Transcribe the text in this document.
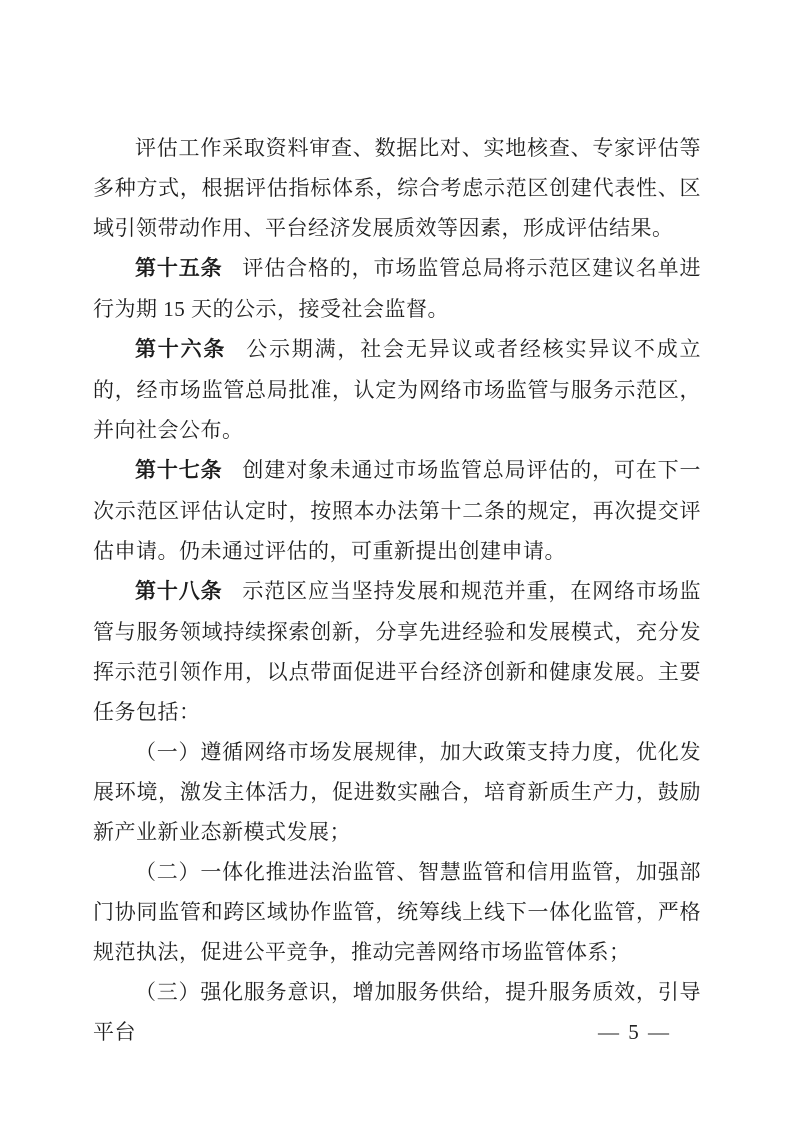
评估工作采取资料审查、数据比对、实地核查、专家评估等多种方式，根据评估指标体系，综合考虑示范区创建代表性、区域引领带动作用、平台经济发展质效等因素，形成评估结果。

第十五条 评估合格的，市场监管总局将示范区建议名单进行为期 15 天的公示，接受社会监督。

第十六条 公示期满，社会无异议或者经核实异议不成立的，经市场监管总局批准，认定为网络市场监管与服务示范区，并向社会公布。

第十七条 创建对象未通过市场监管总局评估的，可在下一次示范区评估认定时，按照本办法第十二条的规定，再次提交评估申请。仍未通过评估的，可重新提出创建申请。

第十八条 示范区应当坚持发展和规范并重，在网络市场监管与服务领域持续探索创新，分享先进经验和发展模式，充分发挥示范引领作用，以点带面促进平台经济创新和健康发展。主要任务包括：

（一）遵循网络市场发展规律，加大政策支持力度，优化发展环境，激发主体活力，促进数实融合，培育新质生产力，鼓励新产业新业态新模式发展；

（二）一体化推进法治监管、智慧监管和信用监管，加强部门协同监管和跨区域协作监管，统筹线上线下一体化监管，严格规范执法，促进公平竞争，推动完善网络市场监管体系；

（三）强化服务意识，增加服务供给，提升服务质效，引导平台	— 5 —
